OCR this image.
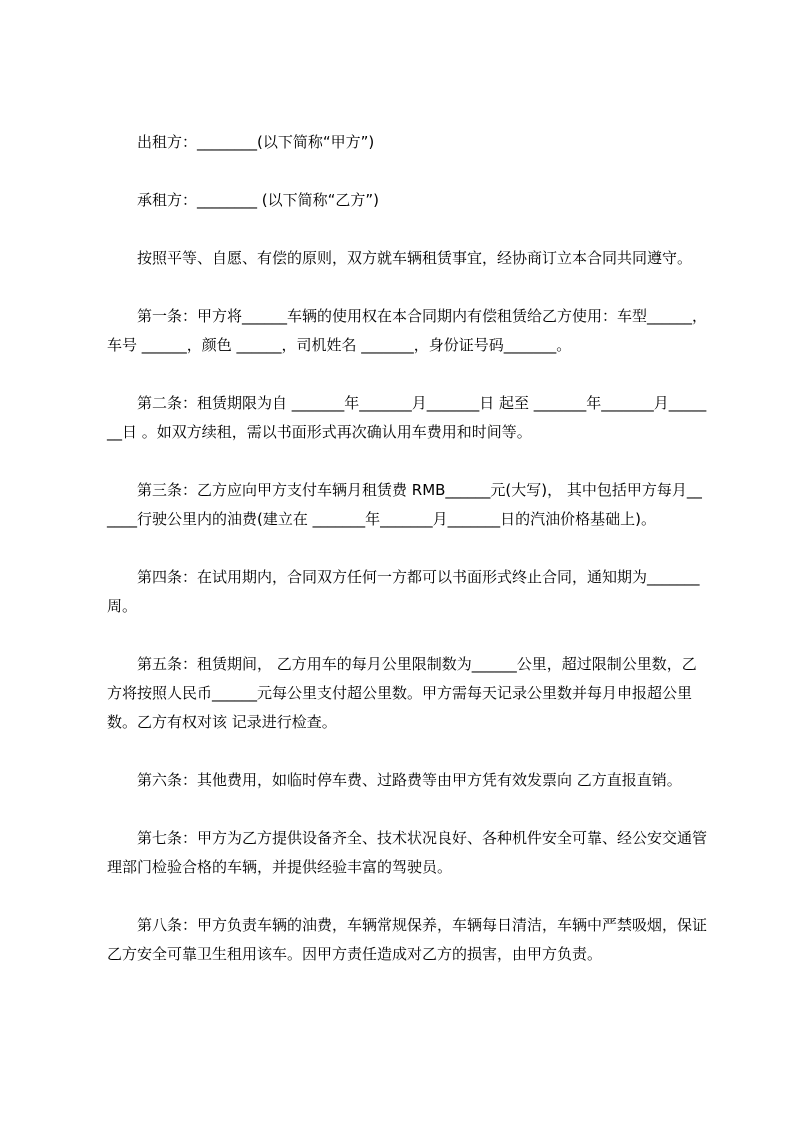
出租方：________(以下简称“甲方”)

承租方：________ (以下简称“乙方”)

按照平等、自愿、有偿的原则，双方就车辆租赁事宜，经协商订立本合同共同遵守。

第一条：甲方将______车辆的使用权在本合同期内有偿租赁给乙方使用：车型______，车号 ______，颜色 ______，司机姓名 _______，身份证号码_______。

第二条：租赁期限为自 _______年_______月_______日 起至 _______年_______月_______日 。如双方续租，需以书面形式再次确认用车费用和时间等。

第三条：乙方应向甲方支付车辆月租赁费 RMB______元(大写)， 其中包括甲方每月______行驶公里内的油费(建立在 _______年_______月_______日的汽油价格基础上)。

第四条：在试用期内，合同双方任何一方都可以书面形式终止合同，通知期为_______周。

第五条：租赁期间， 乙方用车的每月公里限制数为______公里，超过限制公里数，乙方将按照人民币______元每公里支付超公里数。甲方需每天记录公里数并每月申报超公里数。乙方有权对该 记录进行检查。

第六条：其他费用，如临时停车费、过路费等由甲方凭有效发票向 乙方直报直销。

第七条：甲方为乙方提供设备齐全、技术状况良好、各种机件安全可靠、经公安交通管理部门检验合格的车辆，并提供经验丰富的驾驶员。

第八条：甲方负责车辆的油费，车辆常规保养，车辆每日清洁，车辆中严禁吸烟，保证乙方安全可靠卫生租用该车。因甲方责任造成对乙方的损害，由甲方负责。
